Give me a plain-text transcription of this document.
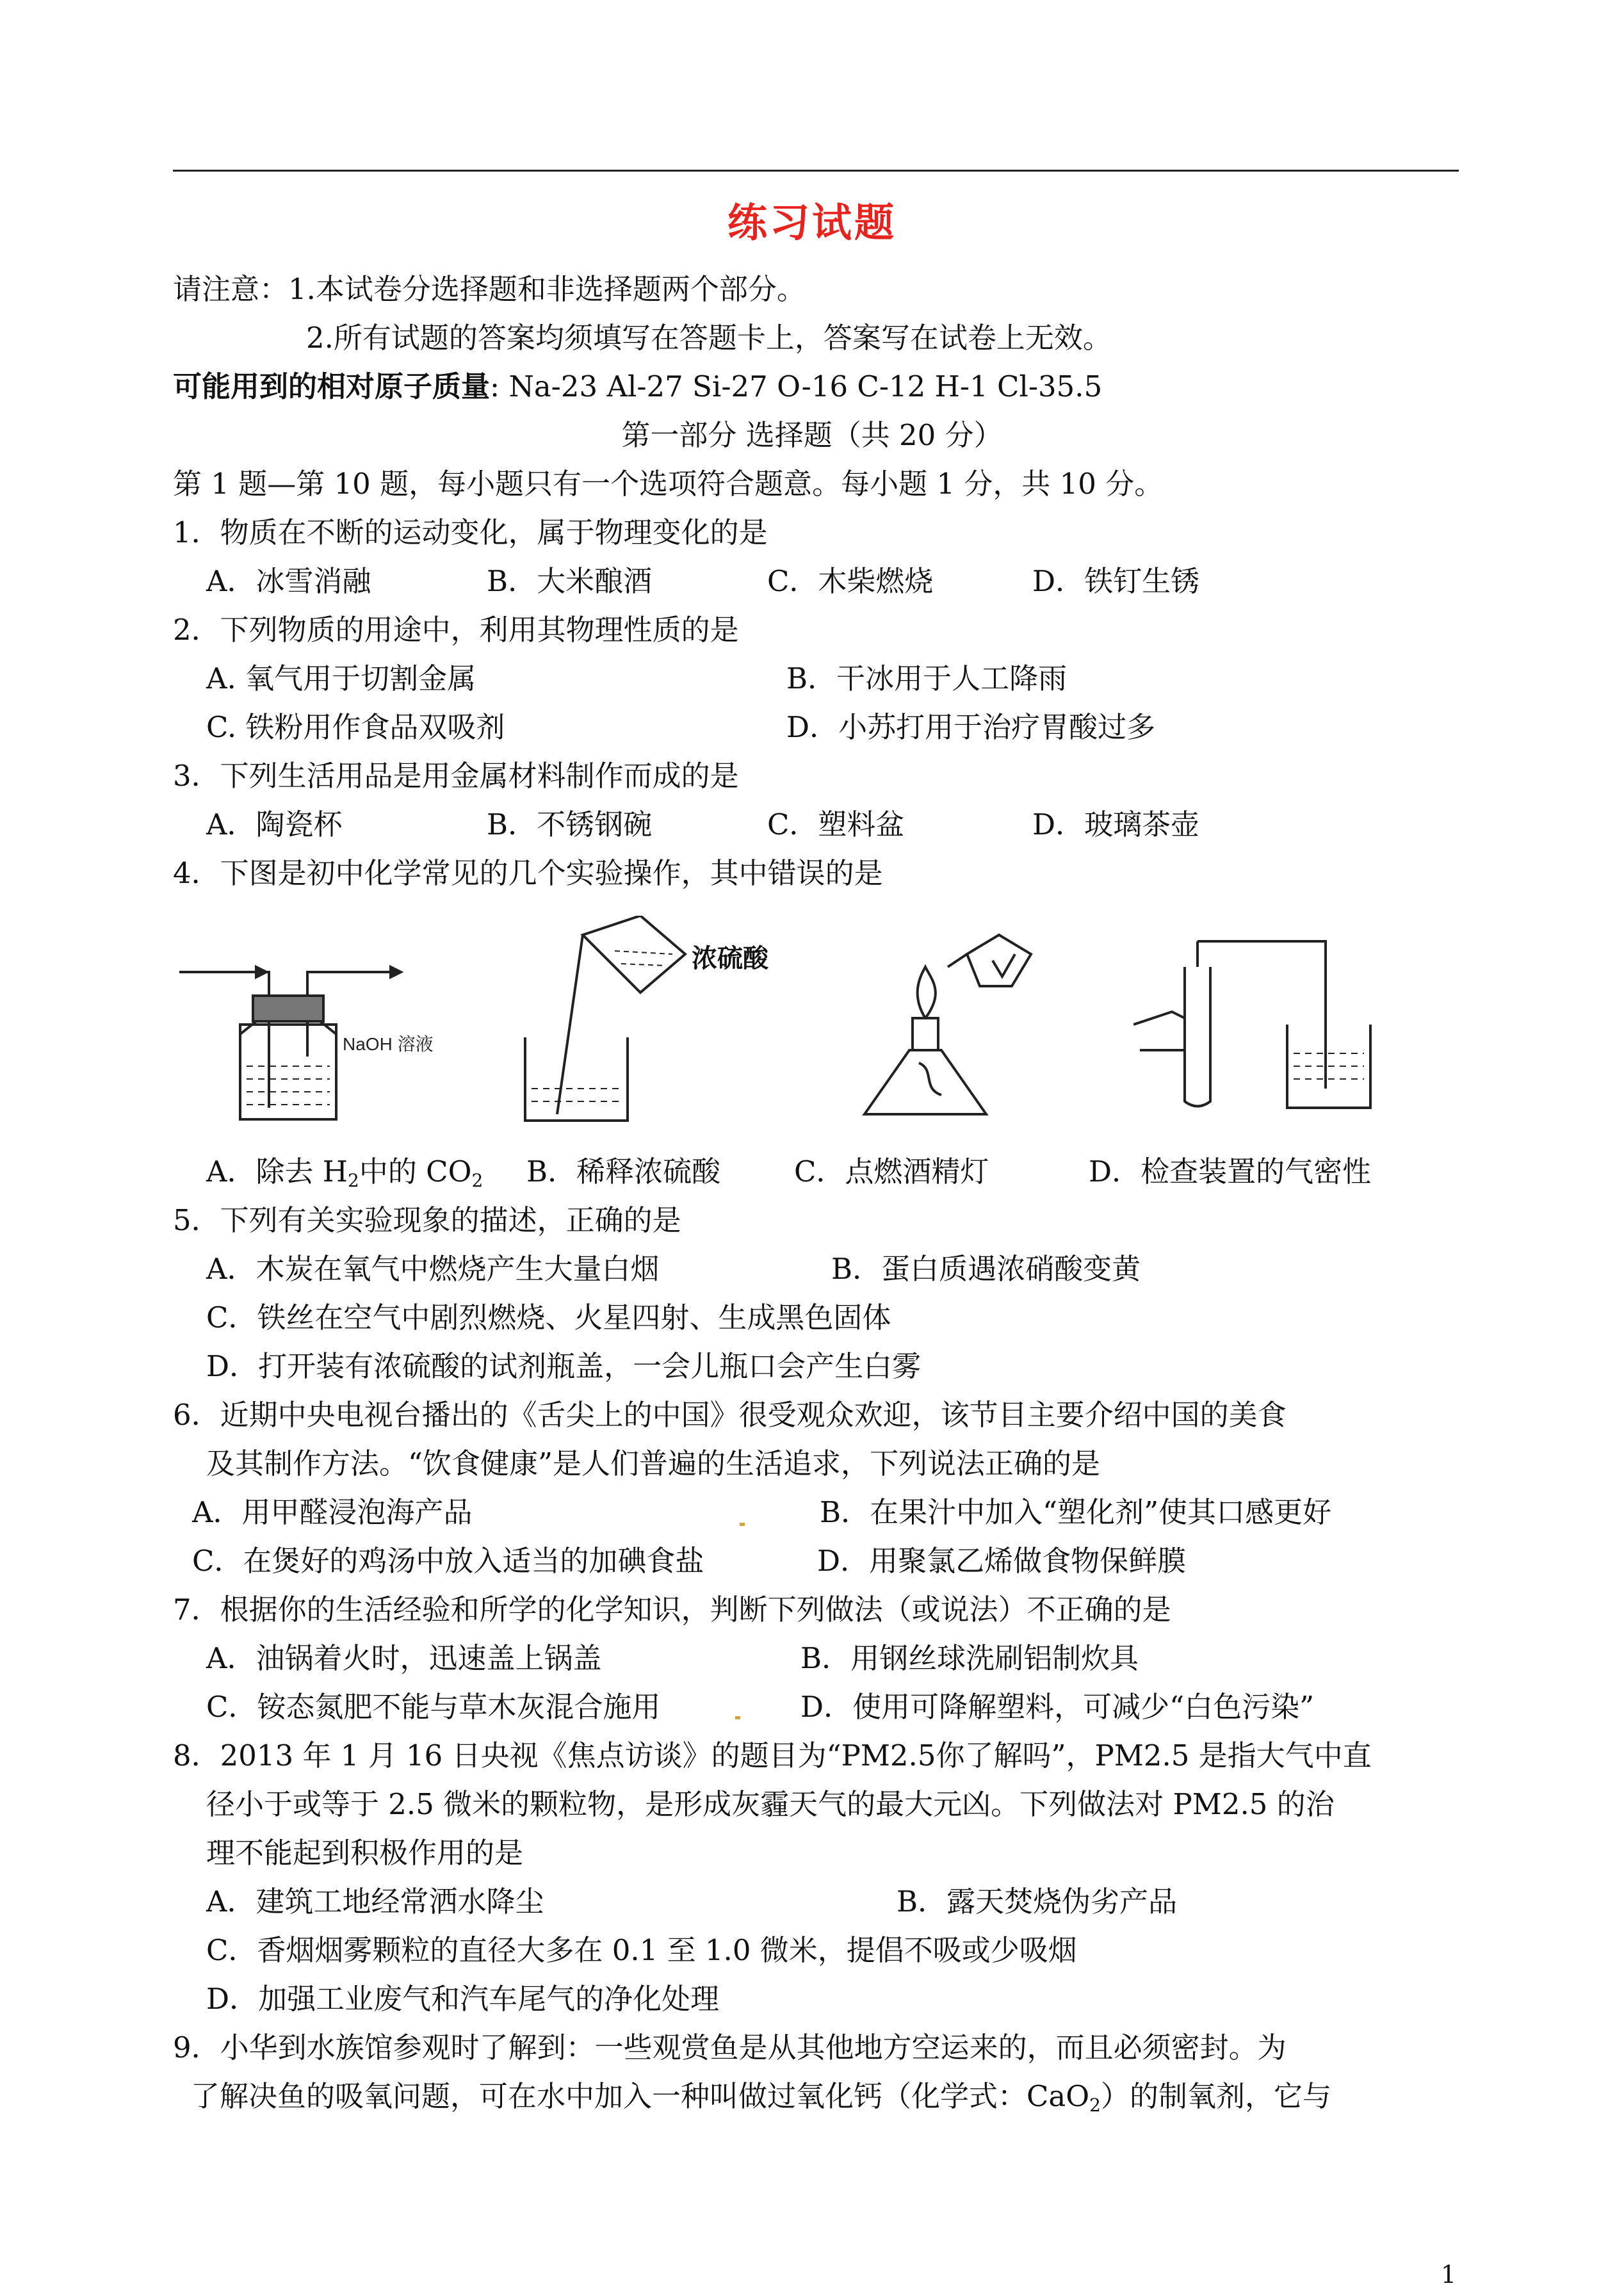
练习试题
请注意：1.本试卷分选择题和非选择题两个部分。
2.所有试题的答案均须填写在答题卡上，答案写在试卷上无效。
可能用到的相对原子质量: Na-23 Al-27 Si-27 O-16 C-12 H-1 Cl-35.5
第一部分 选择题（共 20 分）
第 1 题—第 10 题，每小题只有一个选项符合题意。每小题 1 分，共 10 分。
1．物质在不断的运动变化，属于物理变化的是
A．冰雪消融	B．大米酿酒	C．木柴燃烧	D．铁钉生锈
2．下列物质的用途中，利用其物理性质的是
A. 氧气用于切割金属	B．干冰用于人工降雨
C. 铁粉用作食品双吸剂	D．小苏打用于治疗胃酸过多
3．下列生活用品是用金属材料制作而成的是
A．陶瓷杯	B．不锈钢碗	C．塑料盆	D．玻璃茶壶
4．下图是初中化学常见的几个实验操作，其中错误的是
NaOH 溶液
浓硫酸
A．除去 $H_2$中的 $CO_2$ B．稀释浓硫酸	C．点燃酒精灯	D．检查装置的气密性
5．下列有关实验现象的描述，正确的是
A．木炭在氧气中燃烧产生大量白烟	B．蛋白质遇浓硝酸变黄
C．铁丝在空气中剧烈燃烧、火星四射、生成黑色固体
D．打开装有浓硫酸的试剂瓶盖，一会儿瓶口会产生白雾
6．近期中央电视台播出的《舌尖上的中国》很受观众欢迎，该节目主要介绍中国的美食
及其制作方法。“饮食健康”是人们普遍的生活追求，下列说法正确的是
A．用甲醛浸泡海产品	B．在果汁中加入“塑化剂”使其口感更好
C．在煲好的鸡汤中放入适当的加碘食盐	D．用聚氯乙烯做食物保鲜膜
7．根据你的生活经验和所学的化学知识，判断下列做法（或说法）不正确的是
A．油锅着火时，迅速盖上锅盖	B．用钢丝球洗刷铝制炊具
C．铵态氮肥不能与草木灰混合施用	D．使用可降解塑料，可减少“白色污染”
8．2013 年 1 月 16 日央视《焦点访谈》的题目为“PM2.5你了解吗”，PM2.5 是指大气中直
径小于或等于 2.5 微米的颗粒物，是形成灰霾天气的最大元凶。下列做法对 PM2.5 的治
理不能起到积极作用的是
A．建筑工地经常洒水降尘	B．露天焚烧伪劣产品
C．香烟烟雾颗粒的直径大多在 0.1 至 1.0 微米，提倡不吸或少吸烟
D．加强工业废气和汽车尾气的净化处理
9．小华到水族馆参观时了解到：一些观赏鱼是从其他地方空运来的，而且必须密封。为
了解决鱼的吸氧问题，可在水中加入一种叫做过氧化钙（化学式：CaO$_2$）的制氧剂，它与
1
